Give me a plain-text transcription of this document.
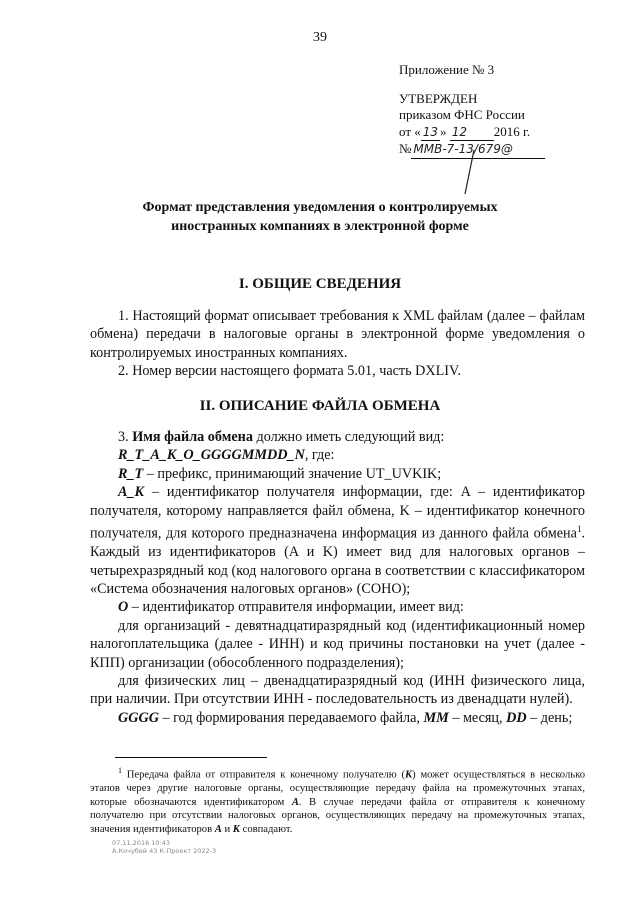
39
Приложение № 3
УТВЕРЖДЕН
приказом ФНС России
от « 13 » 12 2016 г.
№ ММВ-7-13/679@
Формат представления уведомления о контролируемых
иностранных компаниях в электронной форме
I. ОБЩИЕ СВЕДЕНИЯ

1. Настоящий формат описывает требования к XML файлам (далее – файлам обмена) передачи в налоговые органы в электронной форме уведомления о контролируемых иностранных компаниях.

2. Номер версии настоящего формата 5.01, часть DXLIV.

II. ОПИСАНИЕ ФАЙЛА ОБМЕНА

3. Имя файла обмена должно иметь следующий вид:

R_T_A_K_O_GGGGMMDD_N, где:

R_T – префикс, принимающий значение UT_UVKIK;

A_K – идентификатор получателя информации, где: A – идентификатор получателя, которому направляется файл обмена, K – идентификатор конечного получателя, для которого предназначена информация из данного файла обмена$^1$. Каждый из идентификаторов (A и K) имеет вид для налоговых органов – четырехразрядный код (код налогового органа в соответствии с классификатором «Система обозначения налоговых органов» (СОНО);

O – идентификатор отправителя информации, имеет вид:

для организаций - девятнадцатиразрядный код (идентификационный номер налогоплательщика (далее - ИНН) и код причины постановки на учет (далее - КПП) организации (обособленного подразделения);

для физических лиц – двенадцатиразрядный код (ИНН физического лица, при наличии. При отсутствии ИНН - последовательность из двенадцати нулей).

GGGG – год формирования передаваемого файла, MM – месяц, DD – день;

$^1$ Передача файла от отправителя к конечному получателю (К) может осуществляться в несколько этапов через другие налоговые органы, осуществляющие передачу файла на промежуточных этапах, которые обозначаются идентификатором А. В случае передачи файла от отправителя к конечному получателю при отсутствии налоговых органов, осуществляющих передачу на промежуточных этапах, значения идентификаторов А и К совпадают.

07.11.2016 10:43
А.Кочубей 43 К-Проект 2022-3
